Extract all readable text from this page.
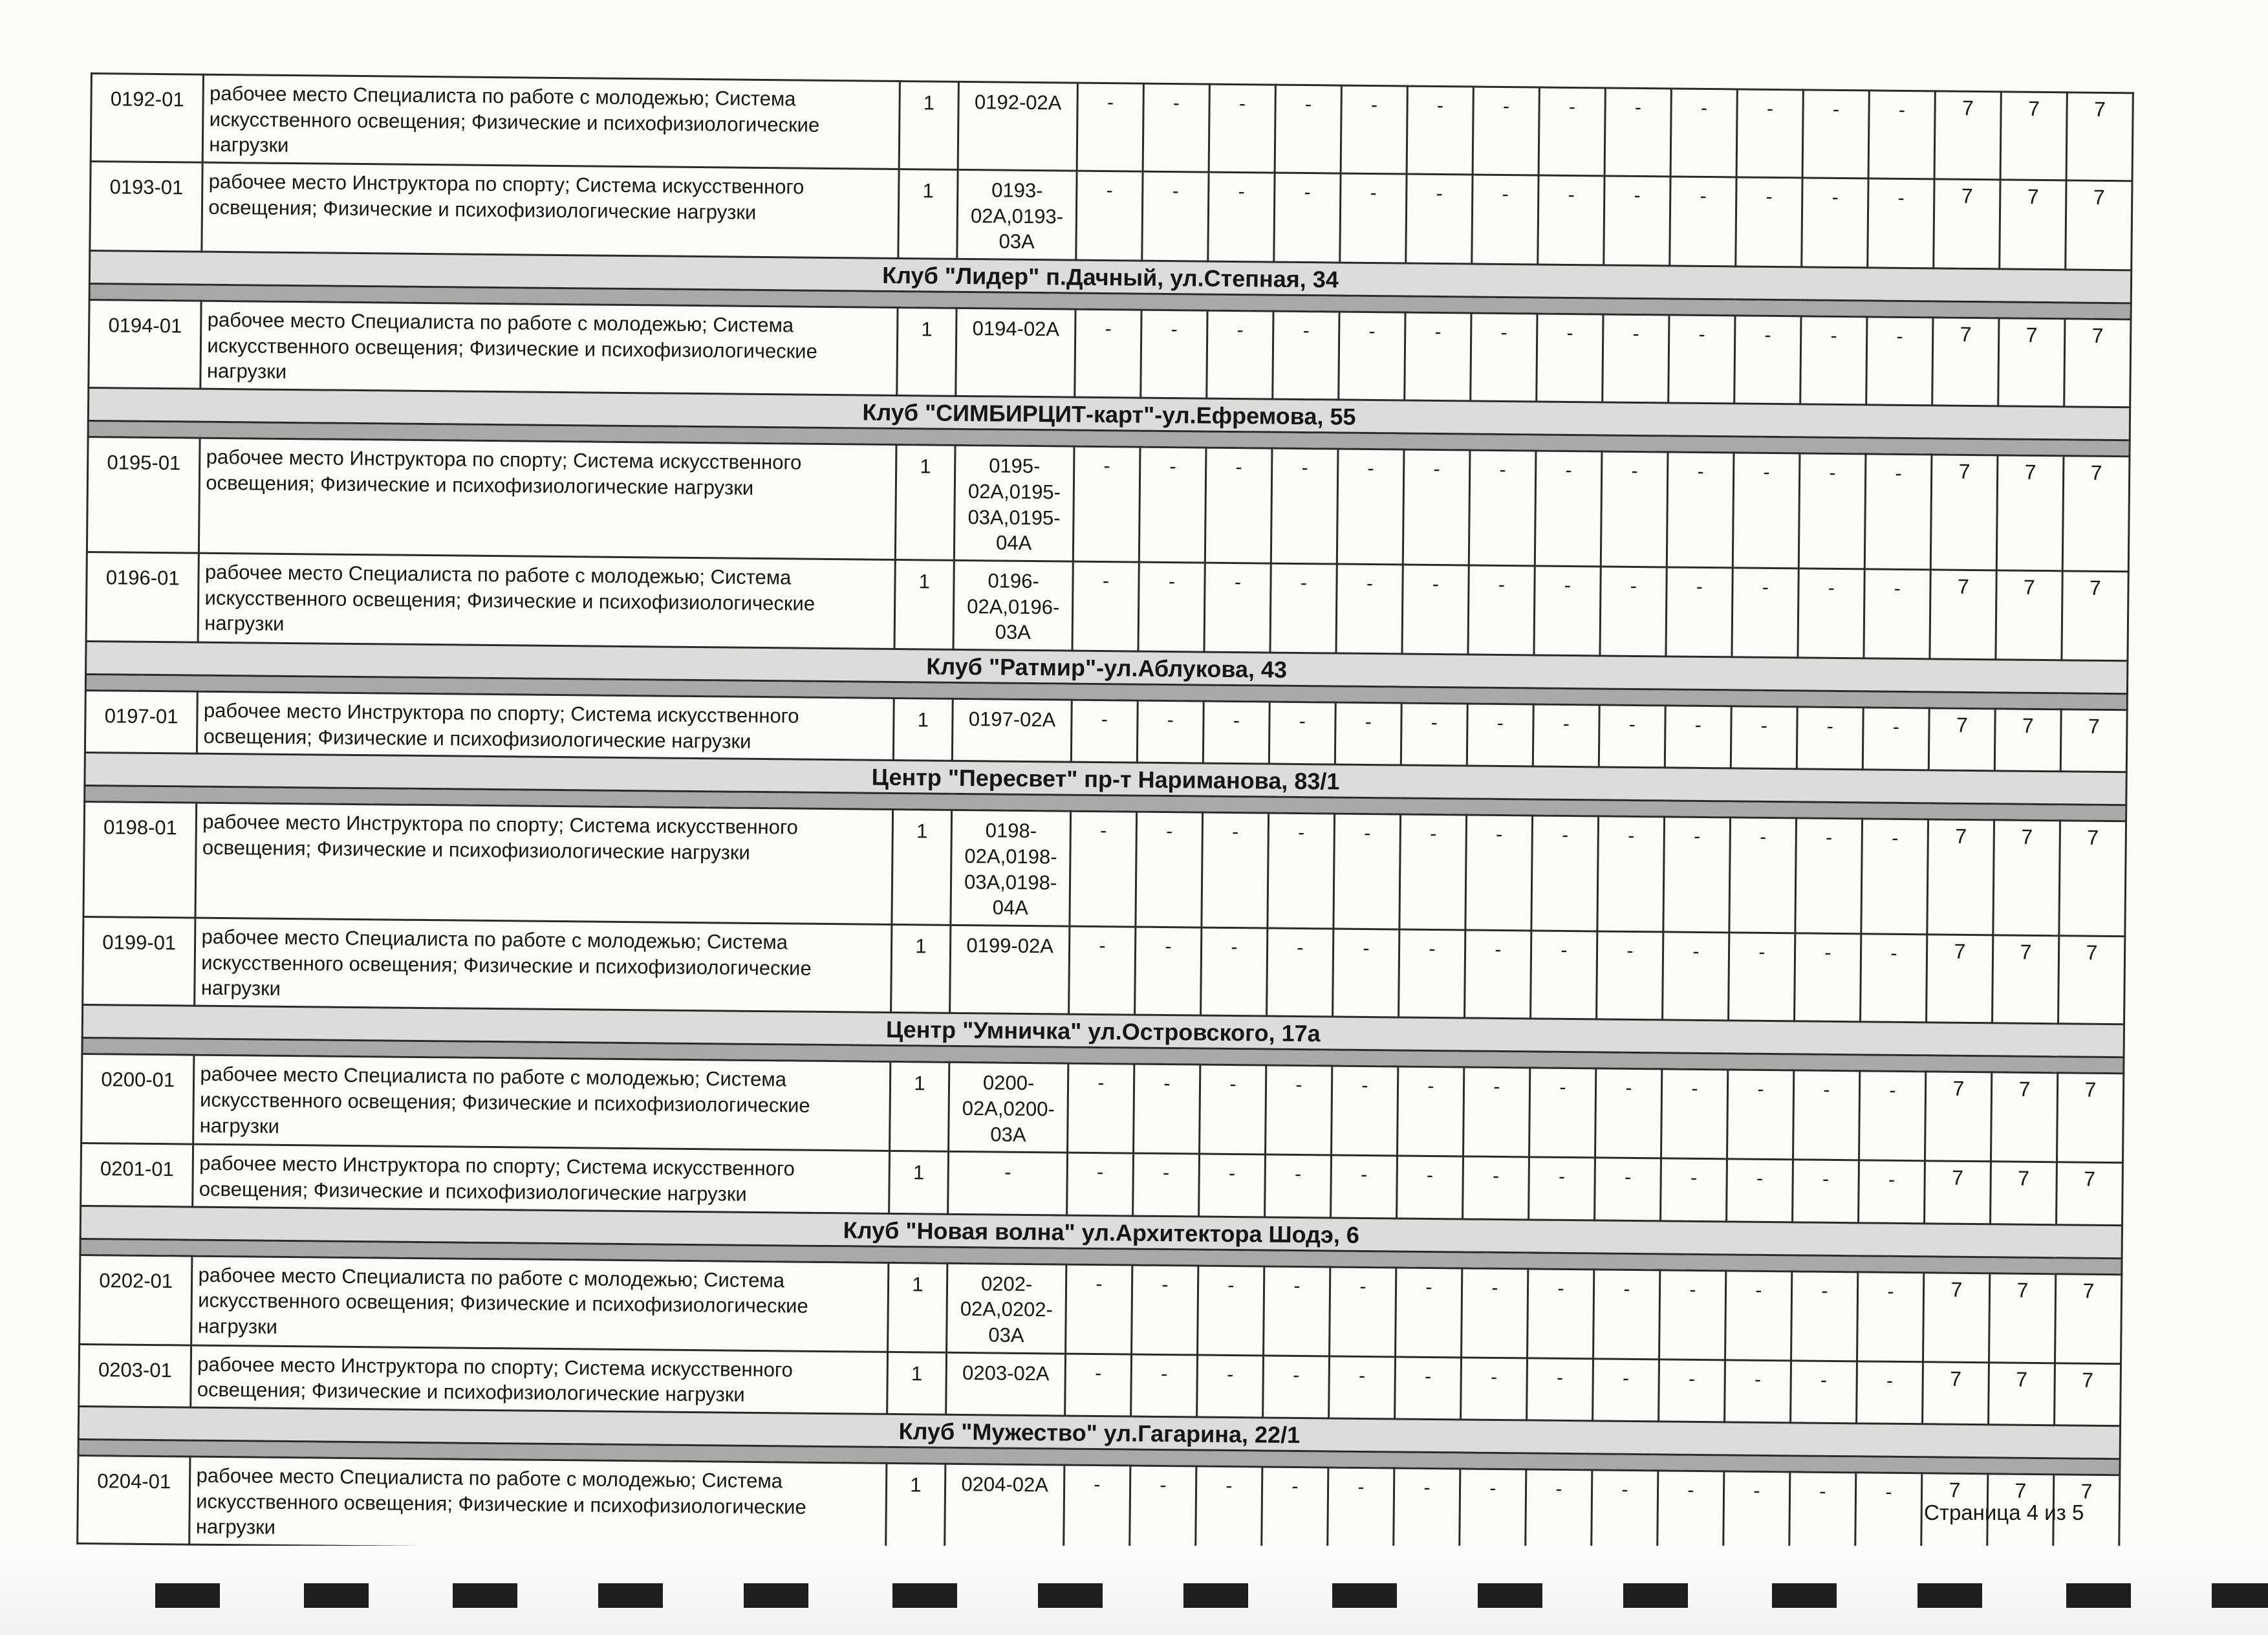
0192-01	рабочее место Специалиста по работе с молодежью; Система искусственного освещения; Физические и психофизиологические нагрузки	1	0192-02A	-	-	-	-	-	-	-	-	-	-	-	-	-	7	7	7
0193-01	рабочее место Инструктора по спорту; Система искусственного освещения; Физические и психофизиологические нагрузки	1	0193-02A,0193-03A	-	-	-	-	-	-	-	-	-	-	-	-	-	7	7	7
Клуб "Лидер" п.Дачный, ул.Степная, 34																			

0194-01	рабочее место Специалиста по работе с молодежью; Система искусственного освещения; Физические и психофизиологические нагрузки	1	0194-02A	-	-	-	-	-	-	-	-	-	-	-	-	-	7	7	7
Клуб "СИМБИРЦИТ-карт"-ул.Ефремова, 55																			

0195-01	рабочее место Инструктора по спорту; Система искусственного освещения; Физические и психофизиологические нагрузки	1	0195-02A,0195-03A,0195-04A	-	-	-	-	-	-	-	-	-	-	-	-	-	7	7	7
0196-01	рабочее место Специалиста по работе с молодежью; Система искусственного освещения; Физические и психофизиологические нагрузки	1	0196-02A,0196-03A	-	-	-	-	-	-	-	-	-	-	-	-	-	7	7	7
Клуб "Ратмир"-ул.Аблукова, 43																			

0197-01	рабочее место Инструктора по спорту; Система искусственного освещения; Физические и психофизиологические нагрузки	1	0197-02A	-	-	-	-	-	-	-	-	-	-	-	-	-	7	7	7
Центр "Пересвет" пр-т Нариманова, 83/1																			

0198-01	рабочее место Инструктора по спорту; Система искусственного освещения; Физические и психофизиологические нагрузки	1	0198-02A,0198-03A,0198-04A	-	-	-	-	-	-	-	-	-	-	-	-	-	7	7	7
0199-01	рабочее место Специалиста по работе с молодежью; Система искусственного освещения; Физические и психофизиологические нагрузки	1	0199-02A	-	-	-	-	-	-	-	-	-	-	-	-	-	7	7	7
Центр "Умничка" ул.Островского, 17а																			

0200-01	рабочее место Специалиста по работе с молодежью; Система искусственного освещения; Физические и психофизиологические нагрузки	1	0200-02A,0200-03A	-	-	-	-	-	-	-	-	-	-	-	-	-	7	7	7
0201-01	рабочее место Инструктора по спорту; Система искусственного освещения; Физические и психофизиологические нагрузки	1	-	-	-	-	-	-	-	-	-	-	-	-	-	-	7	7	7
Клуб "Новая волна" ул.Архитектора Шодэ, 6																			

0202-01	рабочее место Специалиста по работе с молодежью; Система искусственного освещения; Физические и психофизиологические нагрузки	1	0202-02A,0202-03A	-	-	-	-	-	-	-	-	-	-	-	-	-	7	7	7
0203-01	рабочее место Инструктора по спорту; Система искусственного освещения; Физические и психофизиологические нагрузки	1	0203-02A	-	-	-	-	-	-	-	-	-	-	-	-	-	7	7	7
Клуб "Мужество" ул.Гагарина, 22/1																			

0204-01	рабочее место Специалиста по работе с молодежью; Система искусственного освещения; Физические и психофизиологические нагрузки	1	0204-02A	-	-	-	-	-	-	-	-	-	-	-	-	-	7	7	7
Страница 4 из 5
